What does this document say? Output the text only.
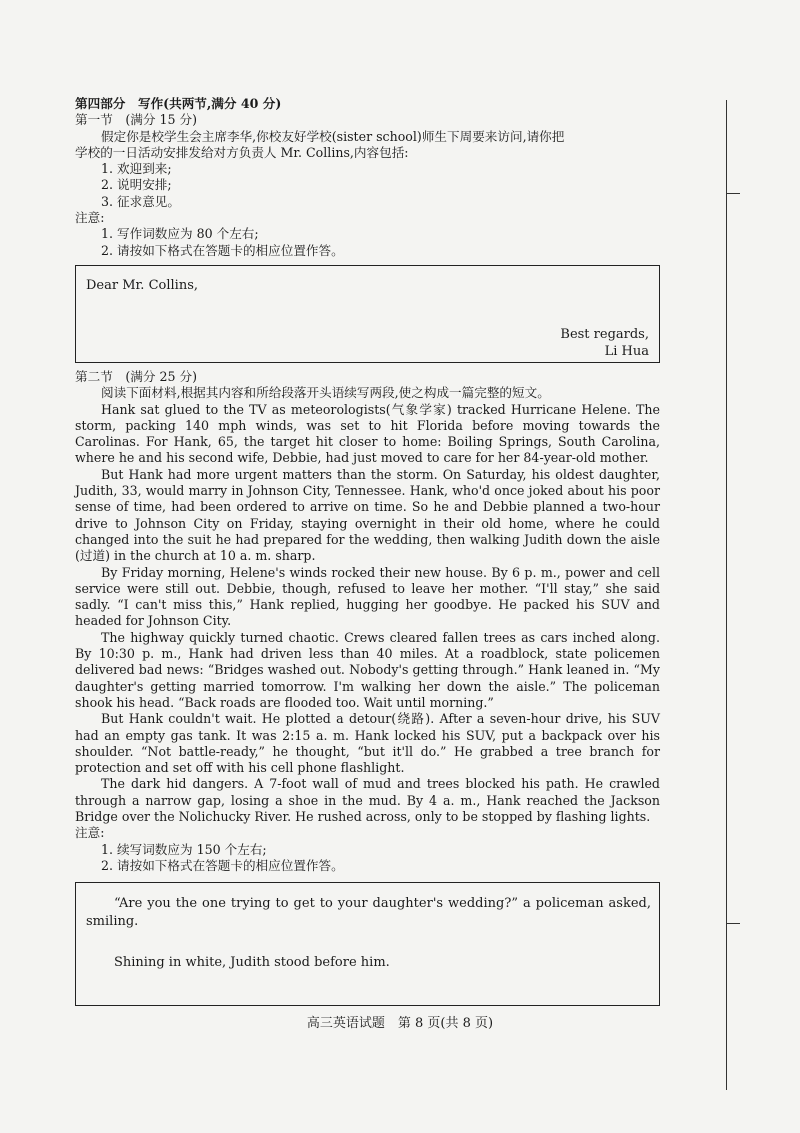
第四部分　写作(共两节,满分 40 分)
第一节　(满分 15 分)
假定你是校学生会主席李华,你校友好学校(sister school)师生下周要来访问,请你把
学校的一日活动安排发给对方负责人 Mr. Collins,内容包括:
1. 欢迎到来;
2. 说明安排;
3. 征求意见。
注意:
1. 写作词数应为 80 个左右;
2. 请按如下格式在答题卡的相应位置作答。
Dear Mr. Collins,
Best regards,
Li Hua
第二节　(满分 25 分)
阅读下面材料,根据其内容和所给段落开头语续写两段,使之构成一篇完整的短文。
Hank sat glued to the TV as meteorologists(气象学家) tracked Hurricane Helene. The storm, packing 140 mph winds, was set to hit Florida before moving towards the Carolinas. For Hank, 65, the target hit closer to home: Boiling Springs, South Carolina, where he and his second wife, Debbie, had just moved to care for her 84-year-old mother.
But Hank had more urgent matters than the storm. On Saturday, his oldest daughter, Judith, 33, would marry in Johnson City, Tennessee. Hank, who'd once joked about his poor sense of time, had been ordered to arrive on time. So he and Debbie planned a two-hour drive to Johnson City on Friday, staying overnight in their old home, where he could changed into the suit he had prepared for the wedding, then walking Judith down the aisle (过道) in the church at 10 a. m. sharp.
By Friday morning, Helene's winds rocked their new house. By 6 p. m., power and cell service were still out. Debbie, though, refused to leave her mother. “I'll stay,” she said sadly. “I can't miss this,” Hank replied, hugging her goodbye. He packed his SUV and headed for Johnson City.
The highway quickly turned chaotic. Crews cleared fallen trees as cars inched along. By 10:30 p. m., Hank had driven less than 40 miles. At a roadblock, state policemen delivered bad news: “Bridges washed out. Nobody's getting through.” Hank leaned in. “My daughter's getting married tomorrow. I'm walking her down the aisle.” The policeman shook his head. “Back roads are flooded too. Wait until morning.”
But Hank couldn't wait. He plotted a detour(绕路). After a seven-hour drive, his SUV had an empty gas tank. It was 2:15 a. m. Hank locked his SUV, put a backpack over his shoulder. “Not battle-ready,” he thought, “but it'll do.” He grabbed a tree branch for protection and set off with his cell phone flashlight.
The dark hid dangers. A 7-foot wall of mud and trees blocked his path. He crawled through a narrow gap, losing a shoe in the mud. By 4 a. m., Hank reached the Jackson Bridge over the Nolichucky River. He rushed across, only to be stopped by flashing lights.
注意:
1. 续写词数应为 150 个左右;
2. 请按如下格式在答题卡的相应位置作答。
“Are you the one trying to get to your daughter's wedding?” a policeman asked, smiling.
Shining in white, Judith stood before him.
高三英语试题　第 8 页(共 8 页)
